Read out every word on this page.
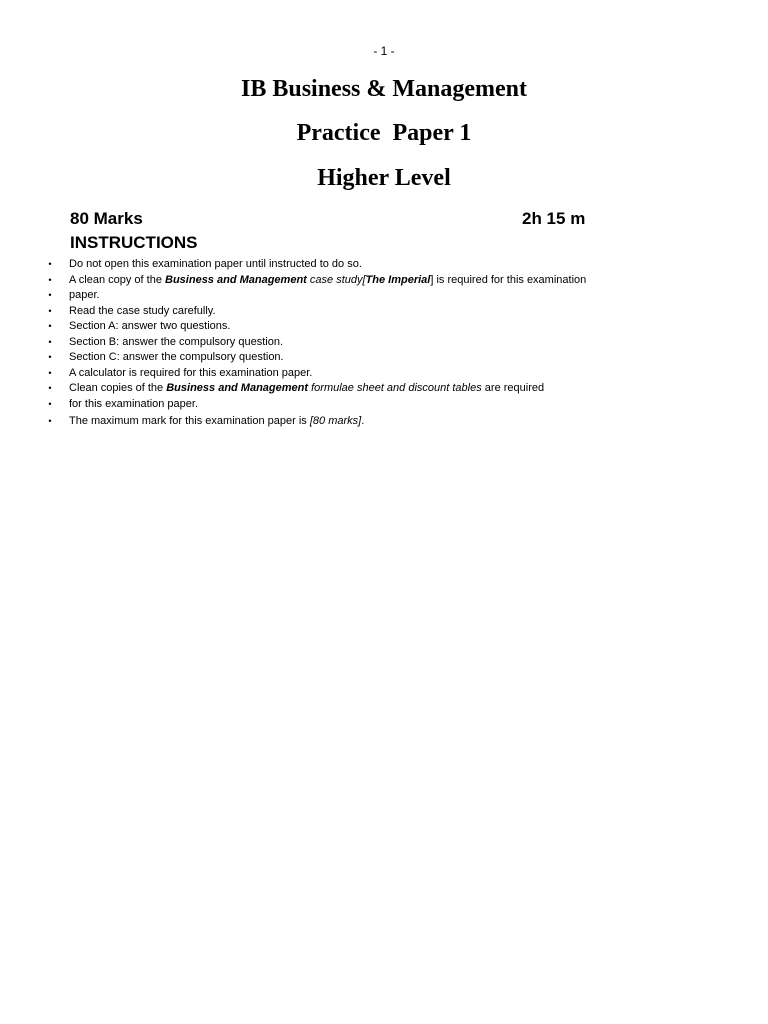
- 1 -
IB Business & Management
Practice  Paper 1
Higher Level
80 Marks	2h 15 m
INSTRUCTIONS
•	Do not open this examination paper until instructed to do so.
•	A clean copy of the Business and Management case study[The Imperial] is required for this examination
•	paper.
•	Read the case study carefully.
•	Section A: answer two questions.
•	Section B: answer the compulsory question.
•	Section C: answer the compulsory question.
•	A calculator is required for this examination paper.
•	Clean copies of the Business and Management formulae sheet and discount tables are required
•	for this examination paper.
•	The maximum mark for this examination paper is [80 marks].
